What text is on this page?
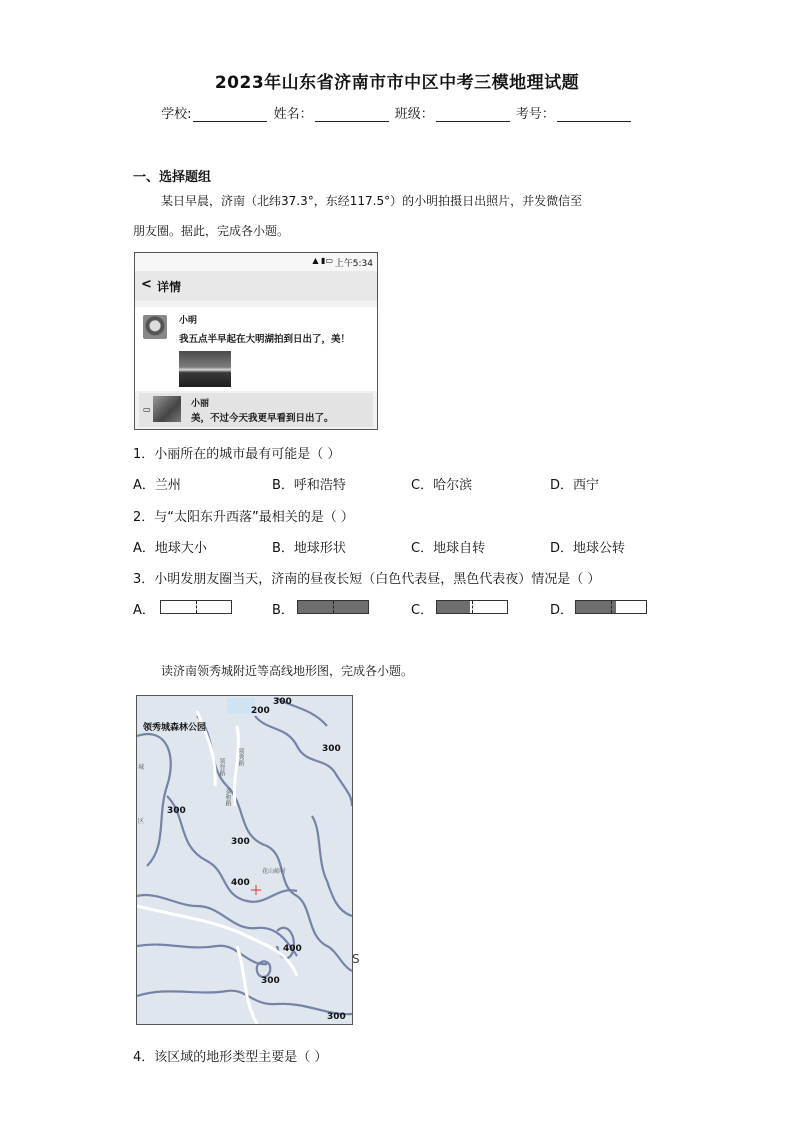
2023年山东省济南市市中区中考三模地理试题
学校:	姓名：	班级：	考号：
一、选择题组
某日早晨，济南（北纬37.3°，东经117.5°）的小明拍摄日出照片，并发微信至
朋友圈。据此，完成各小题。
▲ ▮▭ 上午5:34
< 详情
小明
我五点半早起在大明湖拍到日出了，美！
▭
小丽
美，不过今天我更早看到日出了。
1．小丽所在的城市最有可能是（ ）
A．兰州	B．呼和浩特	C．哈尔滨	D．西宁
2．与“太阳东升西落”最相关的是（ ）
A．地球大小	B．地球形状	C．地球自转	D．地球公转
3．小明发朋友圈当天，济南的昼夜长短（白色代表昼，黑色代表夜）情况是（ ）
A．	B．	C．	D．
读济南领秀城附近等高线地形图，完成各小题。
领秀城森林公园
200
300
300
300
300
400
400
300
300
领秀路
领智路
泰和路
花山峪村
城
区
S
4．该区域的地形类型主要是（ ）
